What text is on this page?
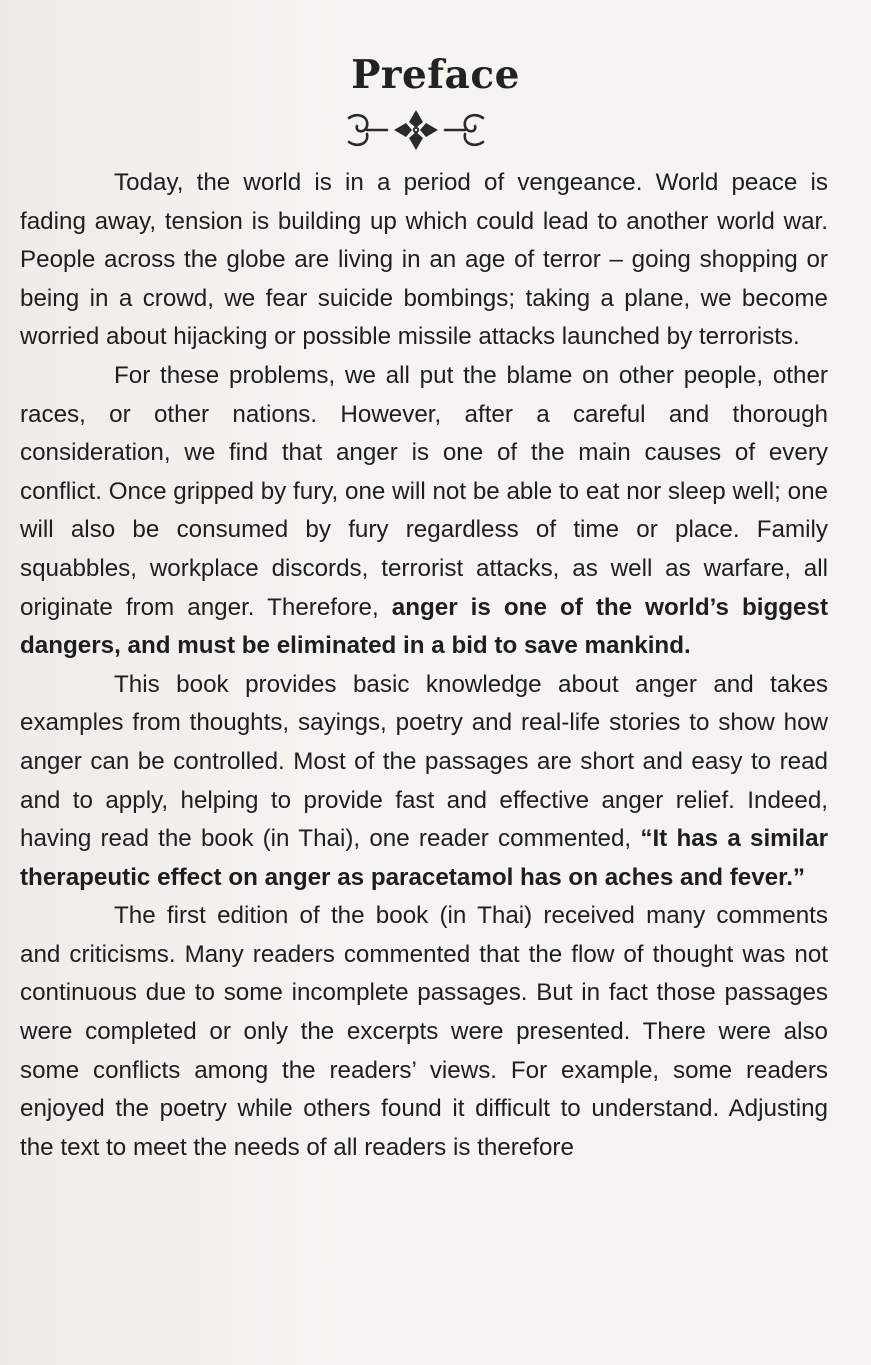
Preface

Today, the world is in a period of vengeance. World peace is fading away, tension is building up which could lead to another world war. People across the globe are living in an age of terror – going shopping or being in a crowd, we fear suicide bombings; taking a plane, we become worried about hijacking or possible missile attacks launched by terrorists.

For these problems, we all put the blame on other people, other races, or other nations. However, after a careful and thorough consideration, we find that anger is one of the main causes of every conflict. Once gripped by fury, one will not be able to eat nor sleep well; one will also be consumed by fury regardless of time or place. Family squabbles, workplace discords, terrorist attacks, as well as warfare, all originate from anger. Therefore, anger is one of the world’s biggest dangers, and must be eliminated in a bid to save mankind.

This book provides basic knowledge about anger and takes examples from thoughts, sayings, poetry and real-life stories to show how anger can be controlled. Most of the passages are short and easy to read and to apply, helping to provide fast and effective anger relief. Indeed, having read the book (in Thai), one reader commented, “It has a similar therapeutic effect on anger as paracetamol has on aches and fever.”

The first edition of the book (in Thai) received many comments and criticisms. Many readers commented that the flow of thought was not continuous due to some incomplete passages. But in fact those passages were completed or only the excerpts were presented. There were also some conflicts among the readers’ views. For example, some readers enjoyed the poetry while others found it difficult to understand. Adjusting the text to meet the needs of all readers is therefore
